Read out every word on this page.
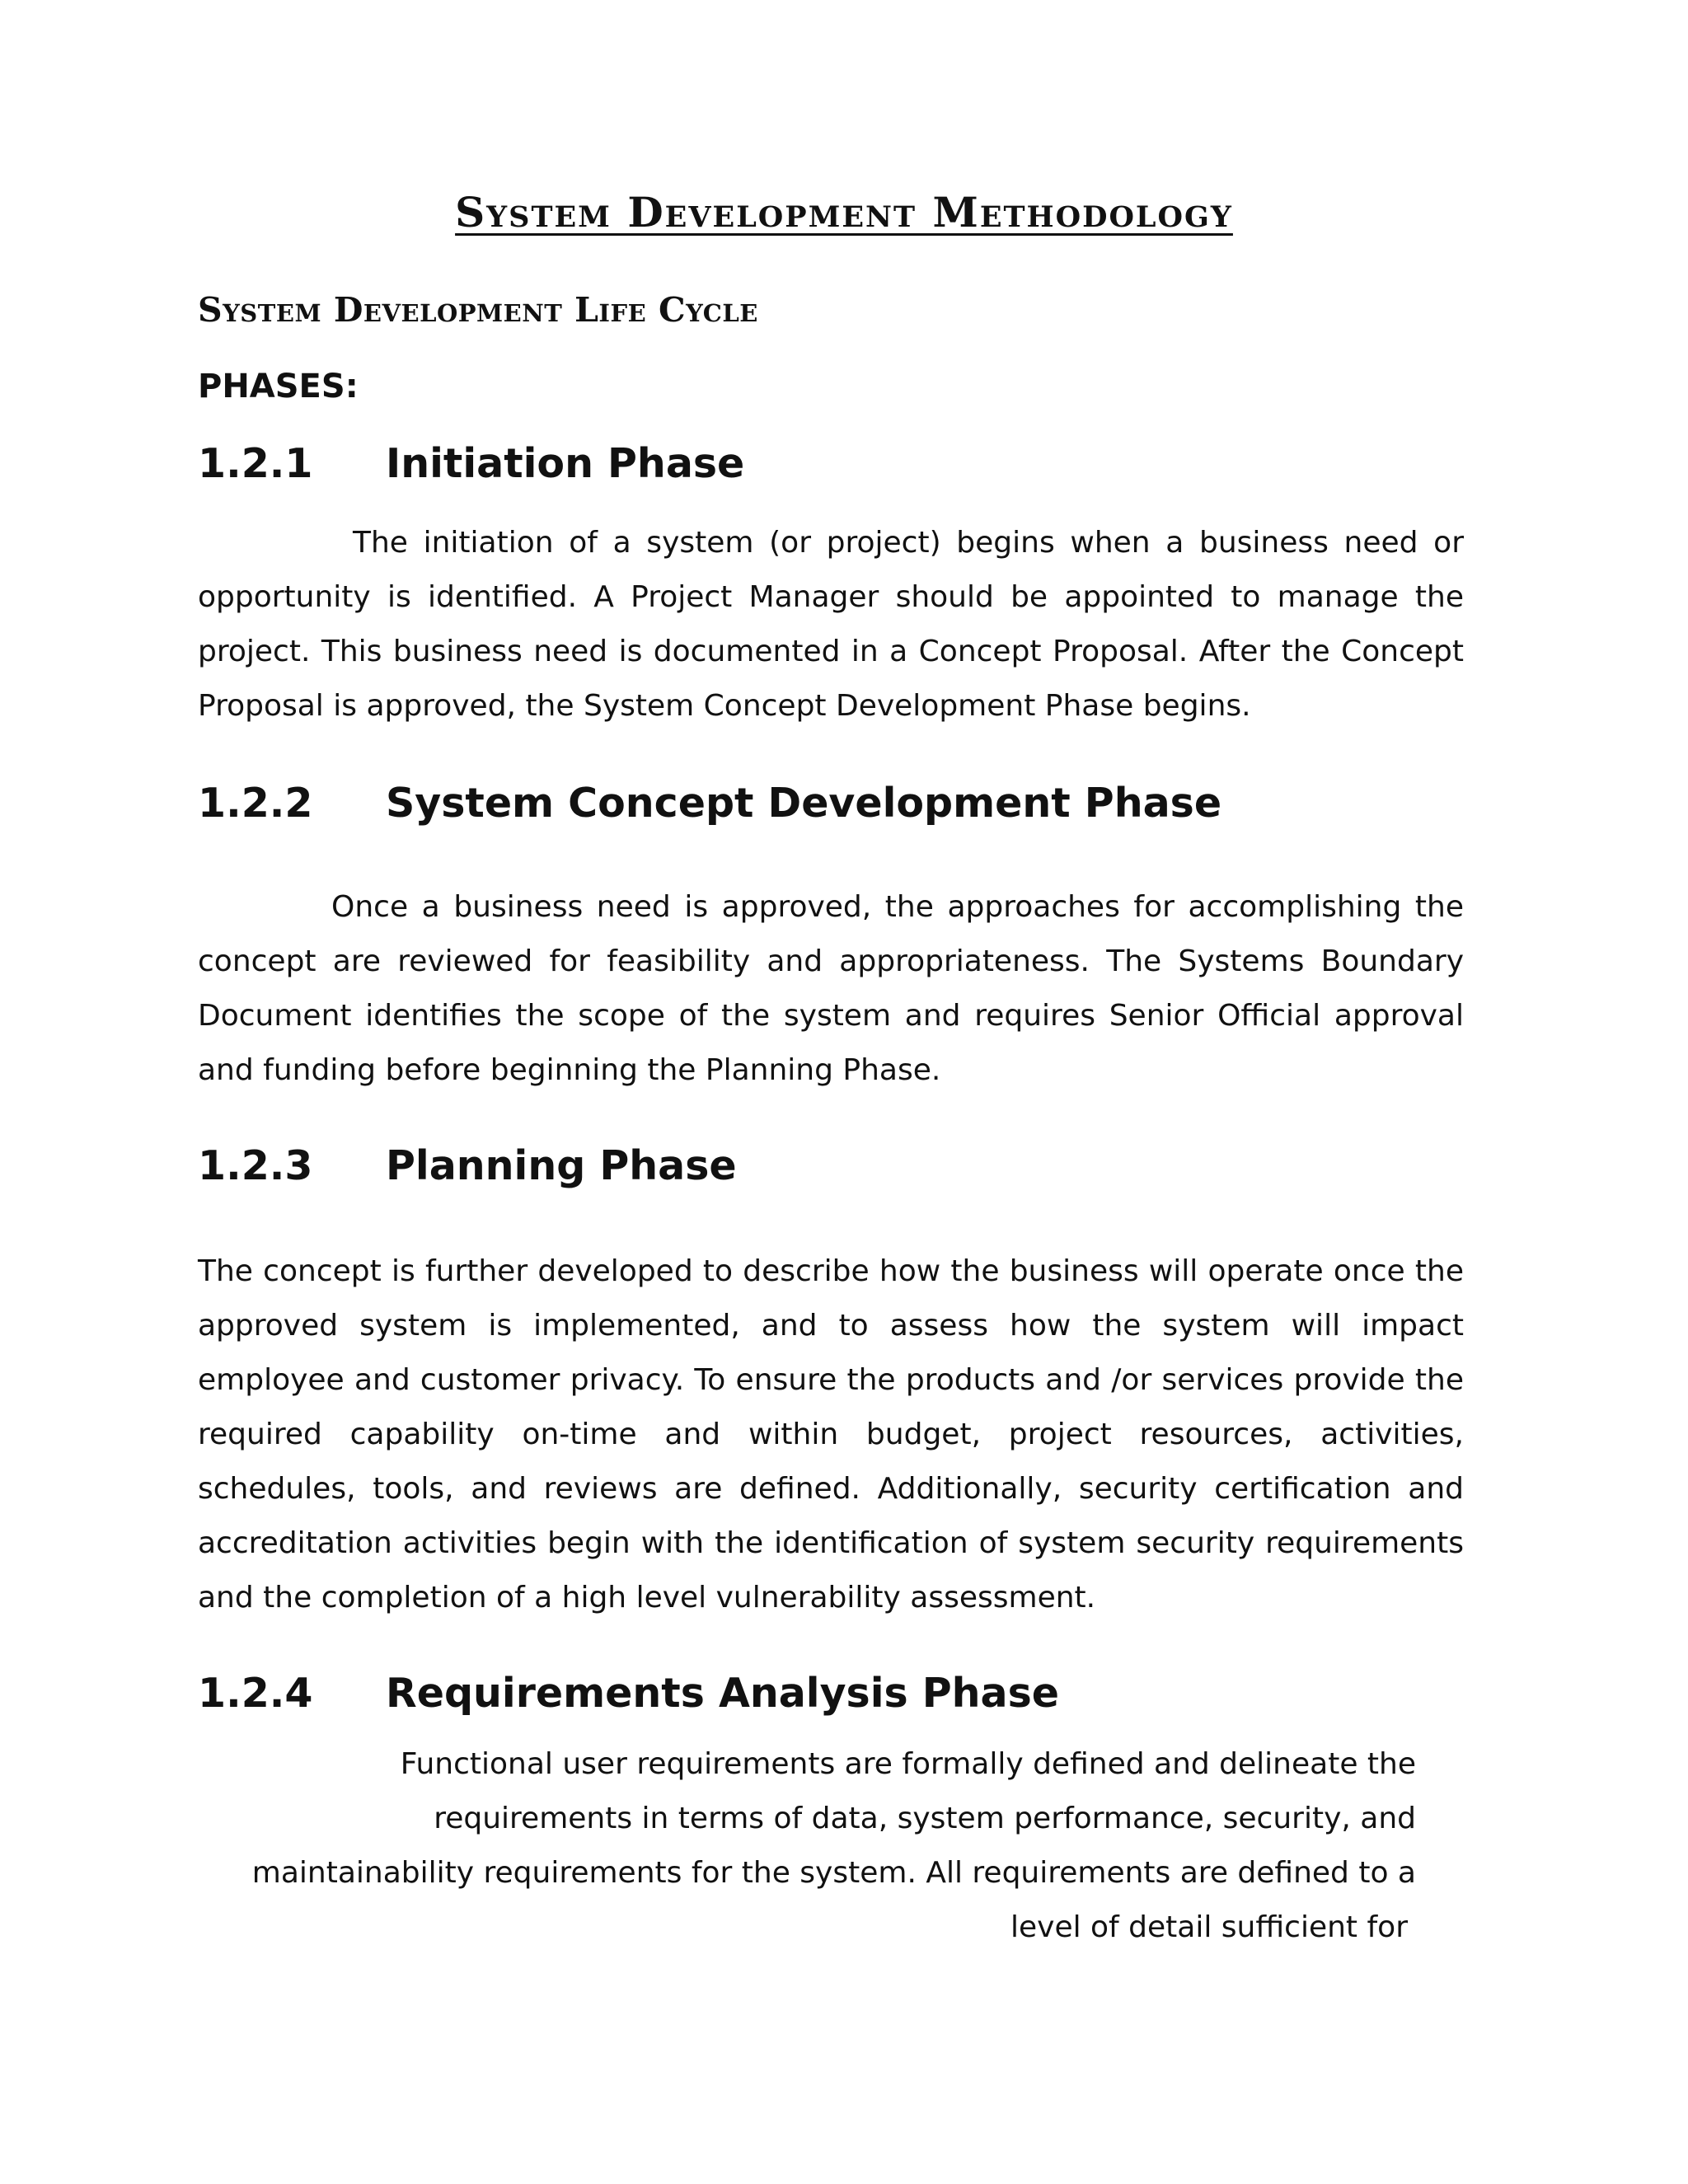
System Development Methodology
System Development Life Cycle
PHASES:
1.2.1 Initiation Phase
The initiation of a system (or project) begins when a business need or opportunity is identified. A Project Manager should be appointed to manage the project. This business need is documented in a Concept Proposal. After the Concept Proposal is approved, the System Concept Development Phase begins.
1.2.2 System Concept Development Phase
Once a business need is approved, the approaches for accomplishing the concept are reviewed for feasibility and appropriateness. The Systems Boundary Document identifies the scope of the system and requires Senior Official approval and funding before beginning the Planning Phase.
1.2.3 Planning Phase
The concept is further developed to describe how the business will operate once the approved system is implemented, and to assess how the system will impact employee and customer privacy. To ensure the products and /or services provide the required capability on-time and within budget, project resources, activities, schedules, tools, and reviews are defined. Additionally, security certification and accreditation activities begin with the identification of system security requirements and the completion of a high level vulnerability assessment.
1.2.4 Requirements Analysis Phase
Functional user requirements are formally defined and delineate the
requirements in terms of data, system performance, security, and
maintainability requirements for the system. All requirements are defined to a
level of detail sufficient for
